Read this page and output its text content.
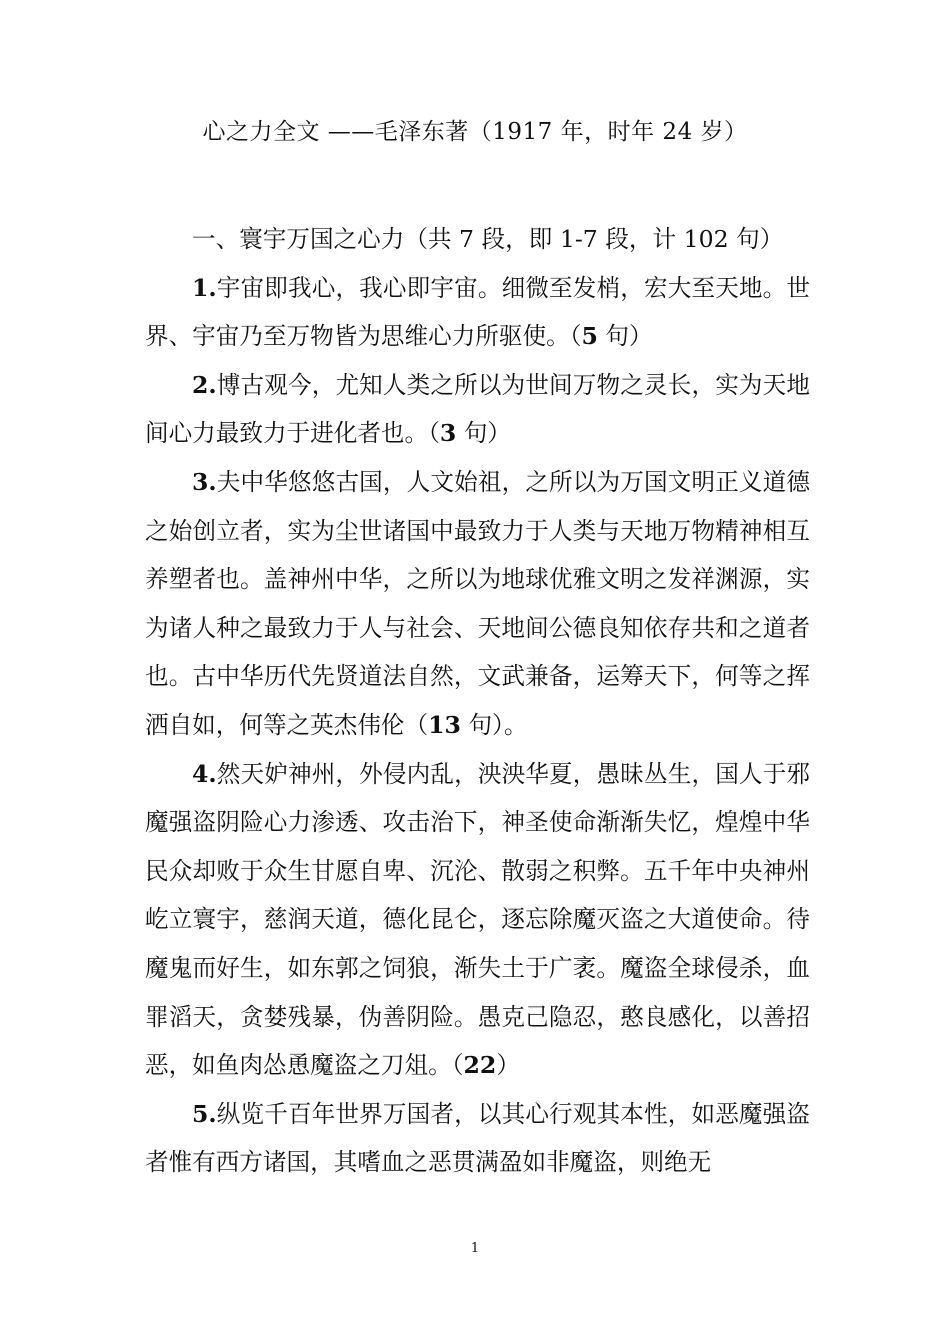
心之力全文 ——毛泽东著（1917 年，时年 24 岁）

一、寰宇万国之心力（共 7 段，即 1-7 段，计 102 句）

1.宇宙即我心，我心即宇宙。细微至发梢，宏大至天地。世界、宇宙乃至万物皆为思维心力所驱使。（5 句）

2.博古观今，尤知人类之所以为世间万物之灵长，实为天地间心力最致力于进化者也。（3 句）

3.夫中华悠悠古国，人文始祖，之所以为万国文明正义道德之始创立者，实为尘世诸国中最致力于人类与天地万物精神相互养塑者也。盖神州中华，之所以为地球优雅文明之发祥渊源，实为诸人种之最致力于人与社会、天地间公德良知依存共和之道者也。古中华历代先贤道法自然，文武兼备，运筹天下，何等之挥洒自如，何等之英杰伟伦（13 句）。

4.然天妒神州，外侵内乱，泱泱华夏，愚昧丛生，国人于邪魔强盗阴险心力渗透、攻击治下，神圣使命渐渐失忆，煌煌中华民众却败于众生甘愿自卑、沉沦、散弱之积弊。五千年中央神州屹立寰宇，慈润天道，德化昆仑，逐忘除魔灭盗之大道使命。待魔鬼而好生，如东郭之饲狼，渐失土于广袤。魔盗全球侵杀，血罪滔天，贪婪残暴，伪善阴险。愚克己隐忍，憨良感化，以善招恶，如鱼肉怂恿魔盗之刀俎。（22）

5.纵览千百年世界万国者，以其心行观其本性，如恶魔强盗者惟有西方诸国，其嗜血之恶贯满盈如非魔盗，则绝无

1
